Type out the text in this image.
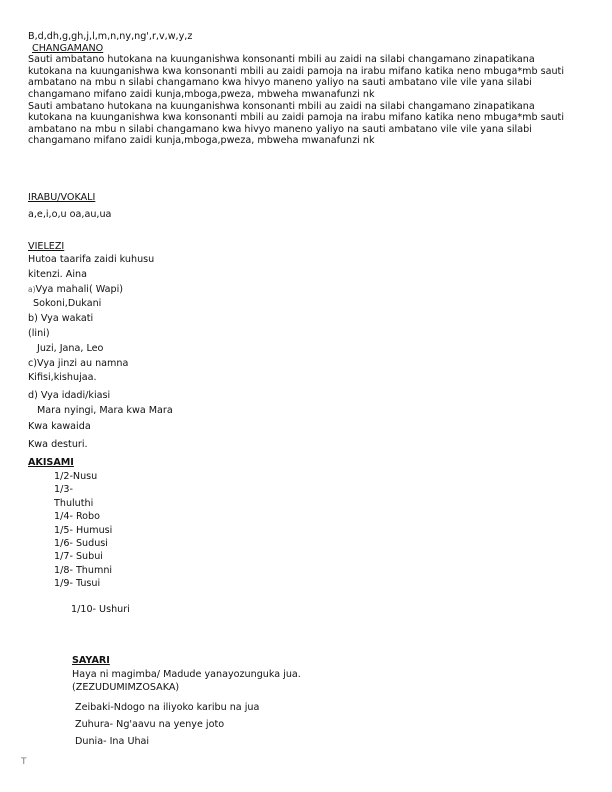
B,d,dh,g,gh,j,l,m,n,ny,ng',r,v,w,y,z
CHANGAMANO
Sauti ambatano hutokana na kuunganishwa konsonanti mbili au zaidi na silabi changamano zinapatikana
kutokana na kuunganishwa kwa konsonanti mbili au zaidi pamoja na irabu mifano katika neno mbuga*mb sauti
ambatano na mbu n silabi changamano kwa hivyo maneno yaliyo na sauti ambatano vile vile yana silabi
changamano mifano zaidi kunja,mboga,pweza, mbweha mwanafunzi nk
Sauti ambatano hutokana na kuunganishwa konsonanti mbili au zaidi na silabi changamano zinapatikana
kutokana na kuunganishwa kwa konsonanti mbili au zaidi pamoja na irabu mifano katika neno mbuga*mb sauti
ambatano na mbu n silabi changamano kwa hivyo maneno yaliyo na sauti ambatano vile vile yana silabi
changamano mifano zaidi kunja,mboga,pweza, mbweha mwanafunzi nk
IRABU/VOKALI
a,e,i,o,u oa,au,ua
VIELEZI
Hutoa taarifa zaidi kuhusu
kitenzi. Aina
a)Vya mahali( Wapi)
Sokoni,Dukani
b) Vya wakati
(lini)
Juzi, Jana, Leo
c)Vya jinzi au namna
Kifisi,kishujaa.
d) Vya idadi/kiasi
Mara nyingi, Mara kwa Mara
Kwa kawaida
Kwa desturi.
AKISAMI
1/2-Nusu
1/3-
Thuluthi
1/4- Robo
1/5- Humusi
1/6- Sudusi
1/7- Subui
1/8- Thumni
1/9- Tusui
1/10- Ushuri
SAYARI
Haya ni magimba/ Madude yanayozunguka jua.
(ZEZUDUMIMZOSAKA)
Zeibaki-Ndogo na iliyoko karibu na jua
Zuhura- Ng'aavu na yenye joto
Dunia- Ina Uhai
T
